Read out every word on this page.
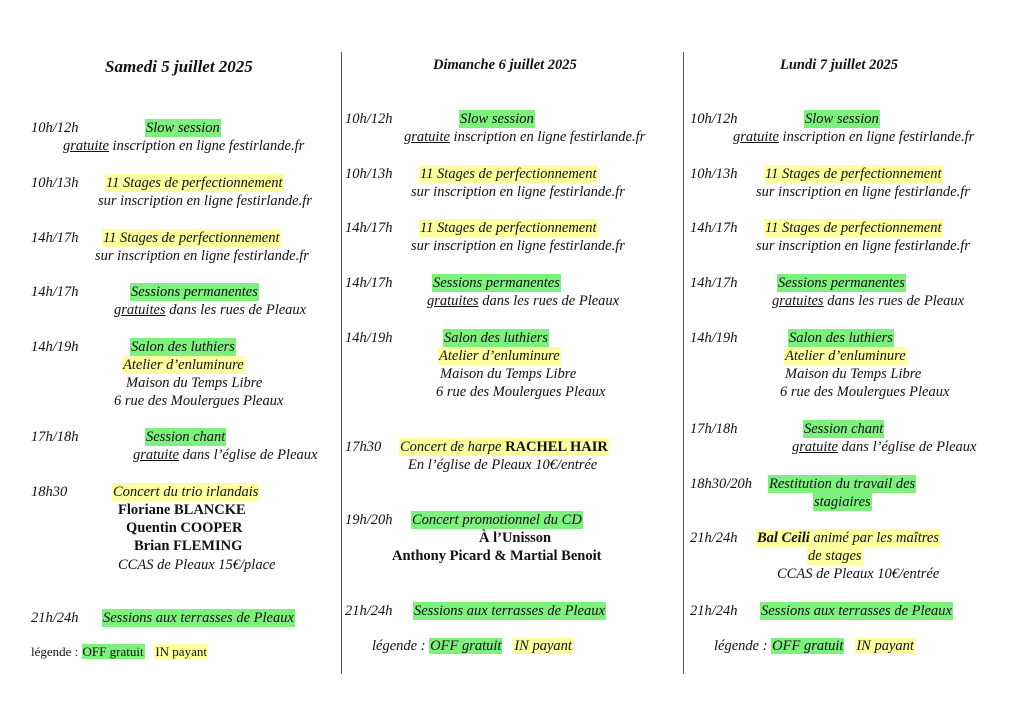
Samedi 5 juillet 2025
10h/12h	Slow session
gratuite inscription en ligne festirlande.fr
10h/13h 11 Stages de perfectionnement
sur inscription en ligne festirlande.fr
14h/17h 11 Stages de perfectionnement
sur inscription en ligne festirlande.fr
14h/17h	Sessions permanentes
gratuites dans les rues de Pleaux
14h/19h	Salon des luthiers
Atelier d’enluminure
Maison du Temps Libre
6 rue des Moulergues Pleaux
17h/18h	Session chant
gratuite dans l’église de Pleaux
18h30	Concert du trio irlandais
Floriane BLANCKE
Quentin COOPER
Brian FLEMING
CCAS de Pleaux 15€/place
21h/24h Sessions aux terrasses de Pleaux
légende : OFF gratuit IN payant
Dimanche 6 juillet 2025
10h/12h	Slow session
gratuite inscription en ligne festirlande.fr
10h/13h 11 Stages de perfectionnement
sur inscription en ligne festirlande.fr
14h/17h 11 Stages de perfectionnement
sur inscription en ligne festirlande.fr
14h/17h	Sessions permanentes
gratuites dans les rues de Pleaux
14h/19h	Salon des luthiers
Atelier d’enluminure
Maison du Temps Libre
6 rue des Moulergues Pleaux
17h30 Concert de harpe RACHEL HAIR
En l’église de Pleaux 10€/entrée
19h/20h Concert promotionnel du CD
À l’Unisson
Anthony Picard & Martial Benoit
21h/24h Sessions aux terrasses de Pleaux
légende : OFF gratuit IN payant
Lundi 7 juillet 2025
10h/12h	Slow session
gratuite inscription en ligne festirlande.fr
10h/13h 11 Stages de perfectionnement
sur inscription en ligne festirlande.fr
14h/17h 11 Stages de perfectionnement
sur inscription en ligne festirlande.fr
14h/17h	Sessions permanentes
gratuites dans les rues de Pleaux
14h/19h	Salon des luthiers
Atelier d’enluminure
Maison du Temps Libre
6 rue des Moulergues Pleaux
17h/18h	Session chant
gratuite dans l’église de Pleaux
18h30/20h Restitution du travail des
stagiaires
21h/24h Bal Ceili animé par les maîtres
de stages
CCAS de Pleaux 10€/entrée
21h/24h Sessions aux terrasses de Pleaux
légende : OFF gratuit IN payant
